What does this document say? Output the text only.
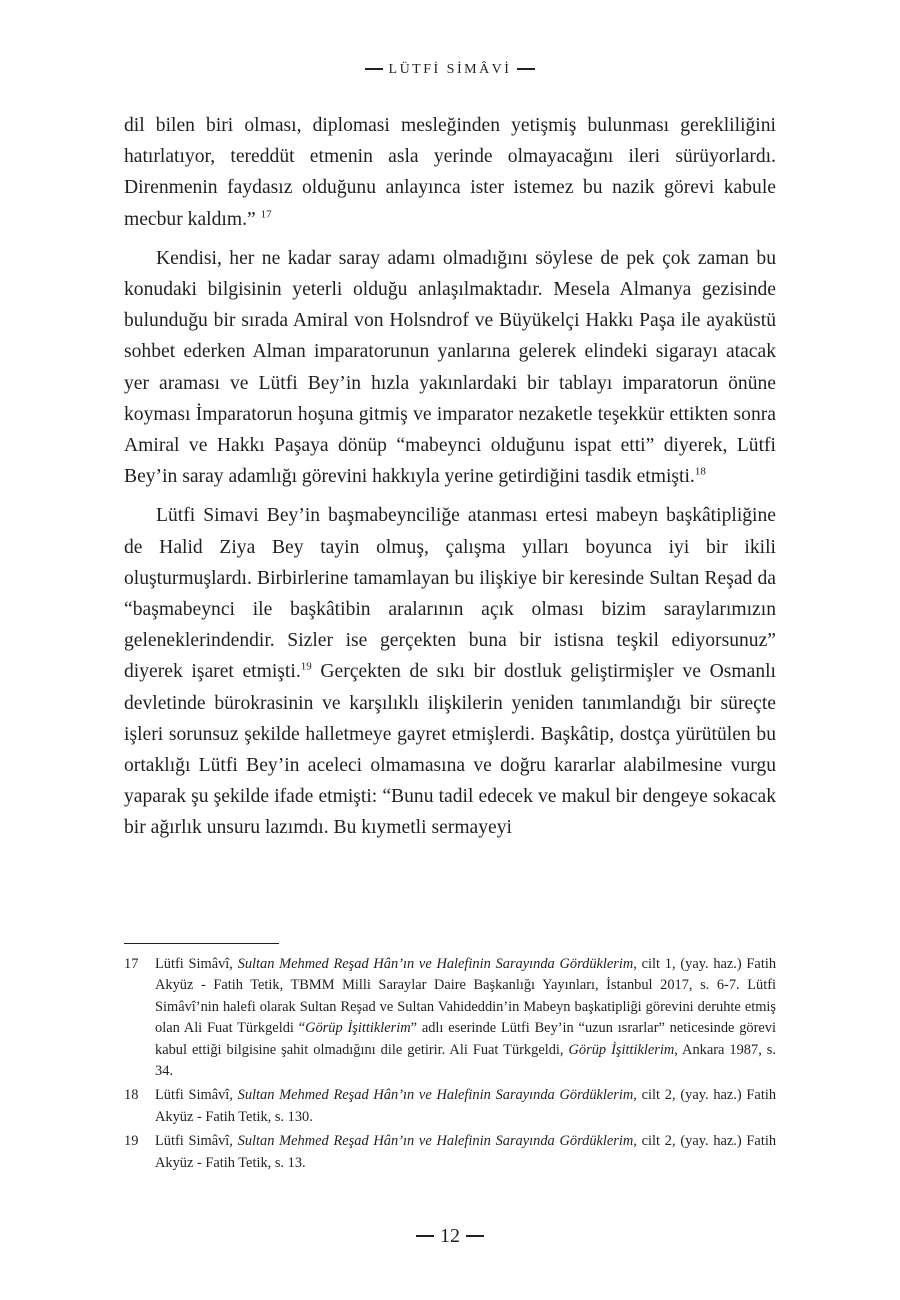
LÜTFİ SİMÂVİ

dil bilen biri olması, diplomasi mesleğinden yetişmiş bulunması gerekliliğini hatırlatıyor, tereddüt etmenin asla yerinde olmayacağını ileri sürüyorlardı. Direnmenin faydasız olduğunu anlayınca ister istemez bu nazik görevi kabule mecbur kaldım.” $^{17}$

Kendisi, her ne kadar saray adamı olmadığını söylese de pek çok zaman bu konudaki bilgisinin yeterli olduğu anlaşılmaktadır. Mesela Almanya gezisinde bulunduğu bir sırada Amiral von Holsndrof ve Büyükelçi Hakkı Paşa ile ayaküstü sohbet ederken Alman imparatorunun yanlarına gelerek elindeki sigarayı atacak yer araması ve Lütfi Bey’in hızla yakınlardaki bir tablayı imparatorun önüne koyması İmparatorun hoşuna gitmiş ve imparator nezaketle teşekkür ettikten sonra Amiral ve Hakkı Paşaya dönüp “mabeynci olduğunu ispat etti” diyerek, Lütfi Bey’in saray adamlığı görevini hakkıyla yerine getirdiğini tasdik etmişti.$^{18}$

Lütfi Simavi Bey’in başmabeynciliğe atanması ertesi mabeyn başkâtipliğine de Halid Ziya Bey tayin olmuş, çalışma yılları boyunca iyi bir ikili oluşturmuşlardı. Birbirlerine tamamlayan bu ilişkiye bir keresinde Sultan Reşad da “başmabeynci ile başkâtibin aralarının açık olması bizim saraylarımızın geleneklerindendir. Sizler ise gerçekten buna bir istisna teşkil ediyorsunuz” diyerek işaret etmişti.$^{19}$ Gerçekten de sıkı bir dostluk geliştirmişler ve Osmanlı devletinde bürokrasinin ve karşılıklı ilişkilerin yeniden tanımlandığı bir süreçte işleri sorunsuz şekilde halletmeye gayret etmişlerdi. Başkâtip, dostça yürütülen bu ortaklığı Lütfi Bey’in aceleci olmamasına ve doğru kararlar alabilmesine vurgu yaparak şu şekilde ifade etmişti: “Bunu tadil edecek ve makul bir dengeye sokacak bir ağırlık unsuru lazımdı. Bu kıymetli sermayeyi

17	Lütfi Simâvî, Sultan Mehmed Reşad Hân’ın ve Halefinin Sarayında Gördüklerim, cilt 1, (yay. haz.) Fatih Akyüz - Fatih Tetik, TBMM Milli Saraylar Daire Başkanlığı Yayınları, İstanbul 2017, s. 6-7. Lütfi Simâvî’nin halefi olarak Sultan Reşad ve Sultan Vahideddin’in Mabeyn başkatipliği görevini deruhte etmiş olan Ali Fuat Türkgeldi “Görüp İşittiklerim” adlı eserinde Lütfi Bey’in “uzun ısrarlar” neticesinde görevi kabul ettiği bilgisine şahit olmadığını dile getirir. Ali Fuat Türkgeldi, Görüp İşittiklerim, Ankara 1987, s. 34.
18	Lütfi Simâvî, Sultan Mehmed Reşad Hân’ın ve Halefinin Sarayında Gördüklerim, cilt 2, (yay. haz.) Fatih Akyüz - Fatih Tetik, s. 130.
19	Lütfi Simâvî, Sultan Mehmed Reşad Hân’ın ve Halefinin Sarayında Gördüklerim, cilt 2, (yay. haz.) Fatih Akyüz - Fatih Tetik, s. 13.
12
